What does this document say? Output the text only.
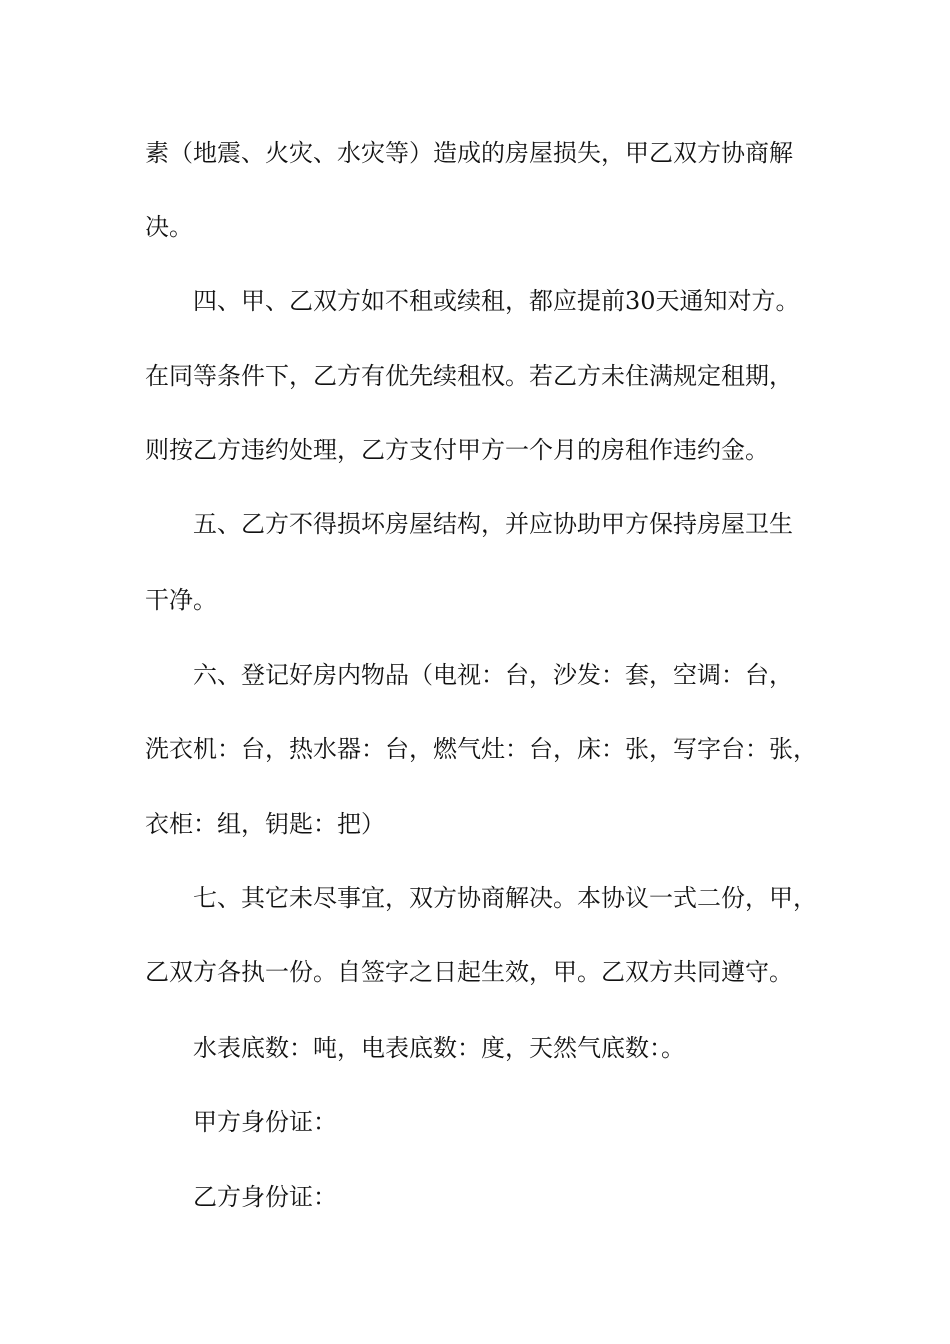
素（地震、火灾、水灾等）造成的房屋损失，甲乙双方协商解
决。
四、甲、乙双方如不租或续租，都应提前30天通知对方。
在同等条件下，乙方有优先续租权。若乙方未住满规定租期，
则按乙方违约处理，乙方支付甲方一个月的房租作违约金。
五、乙方不得损坏房屋结构，并应协助甲方保持房屋卫生
干净。
六、登记好房内物品（电视：台，沙发：套，空调：台，
洗衣机：台，热水器：台，燃气灶：台，床：张，写字台：张，
衣柜：组，钥匙：把）
七、其它未尽事宜，双方协商解决。本协议一式二份，甲，
乙双方各执一份。自签字之日起生效，甲。乙双方共同遵守。
水表底数：吨，电表底数：度，天然气底数：。
甲方身份证：
乙方身份证：
